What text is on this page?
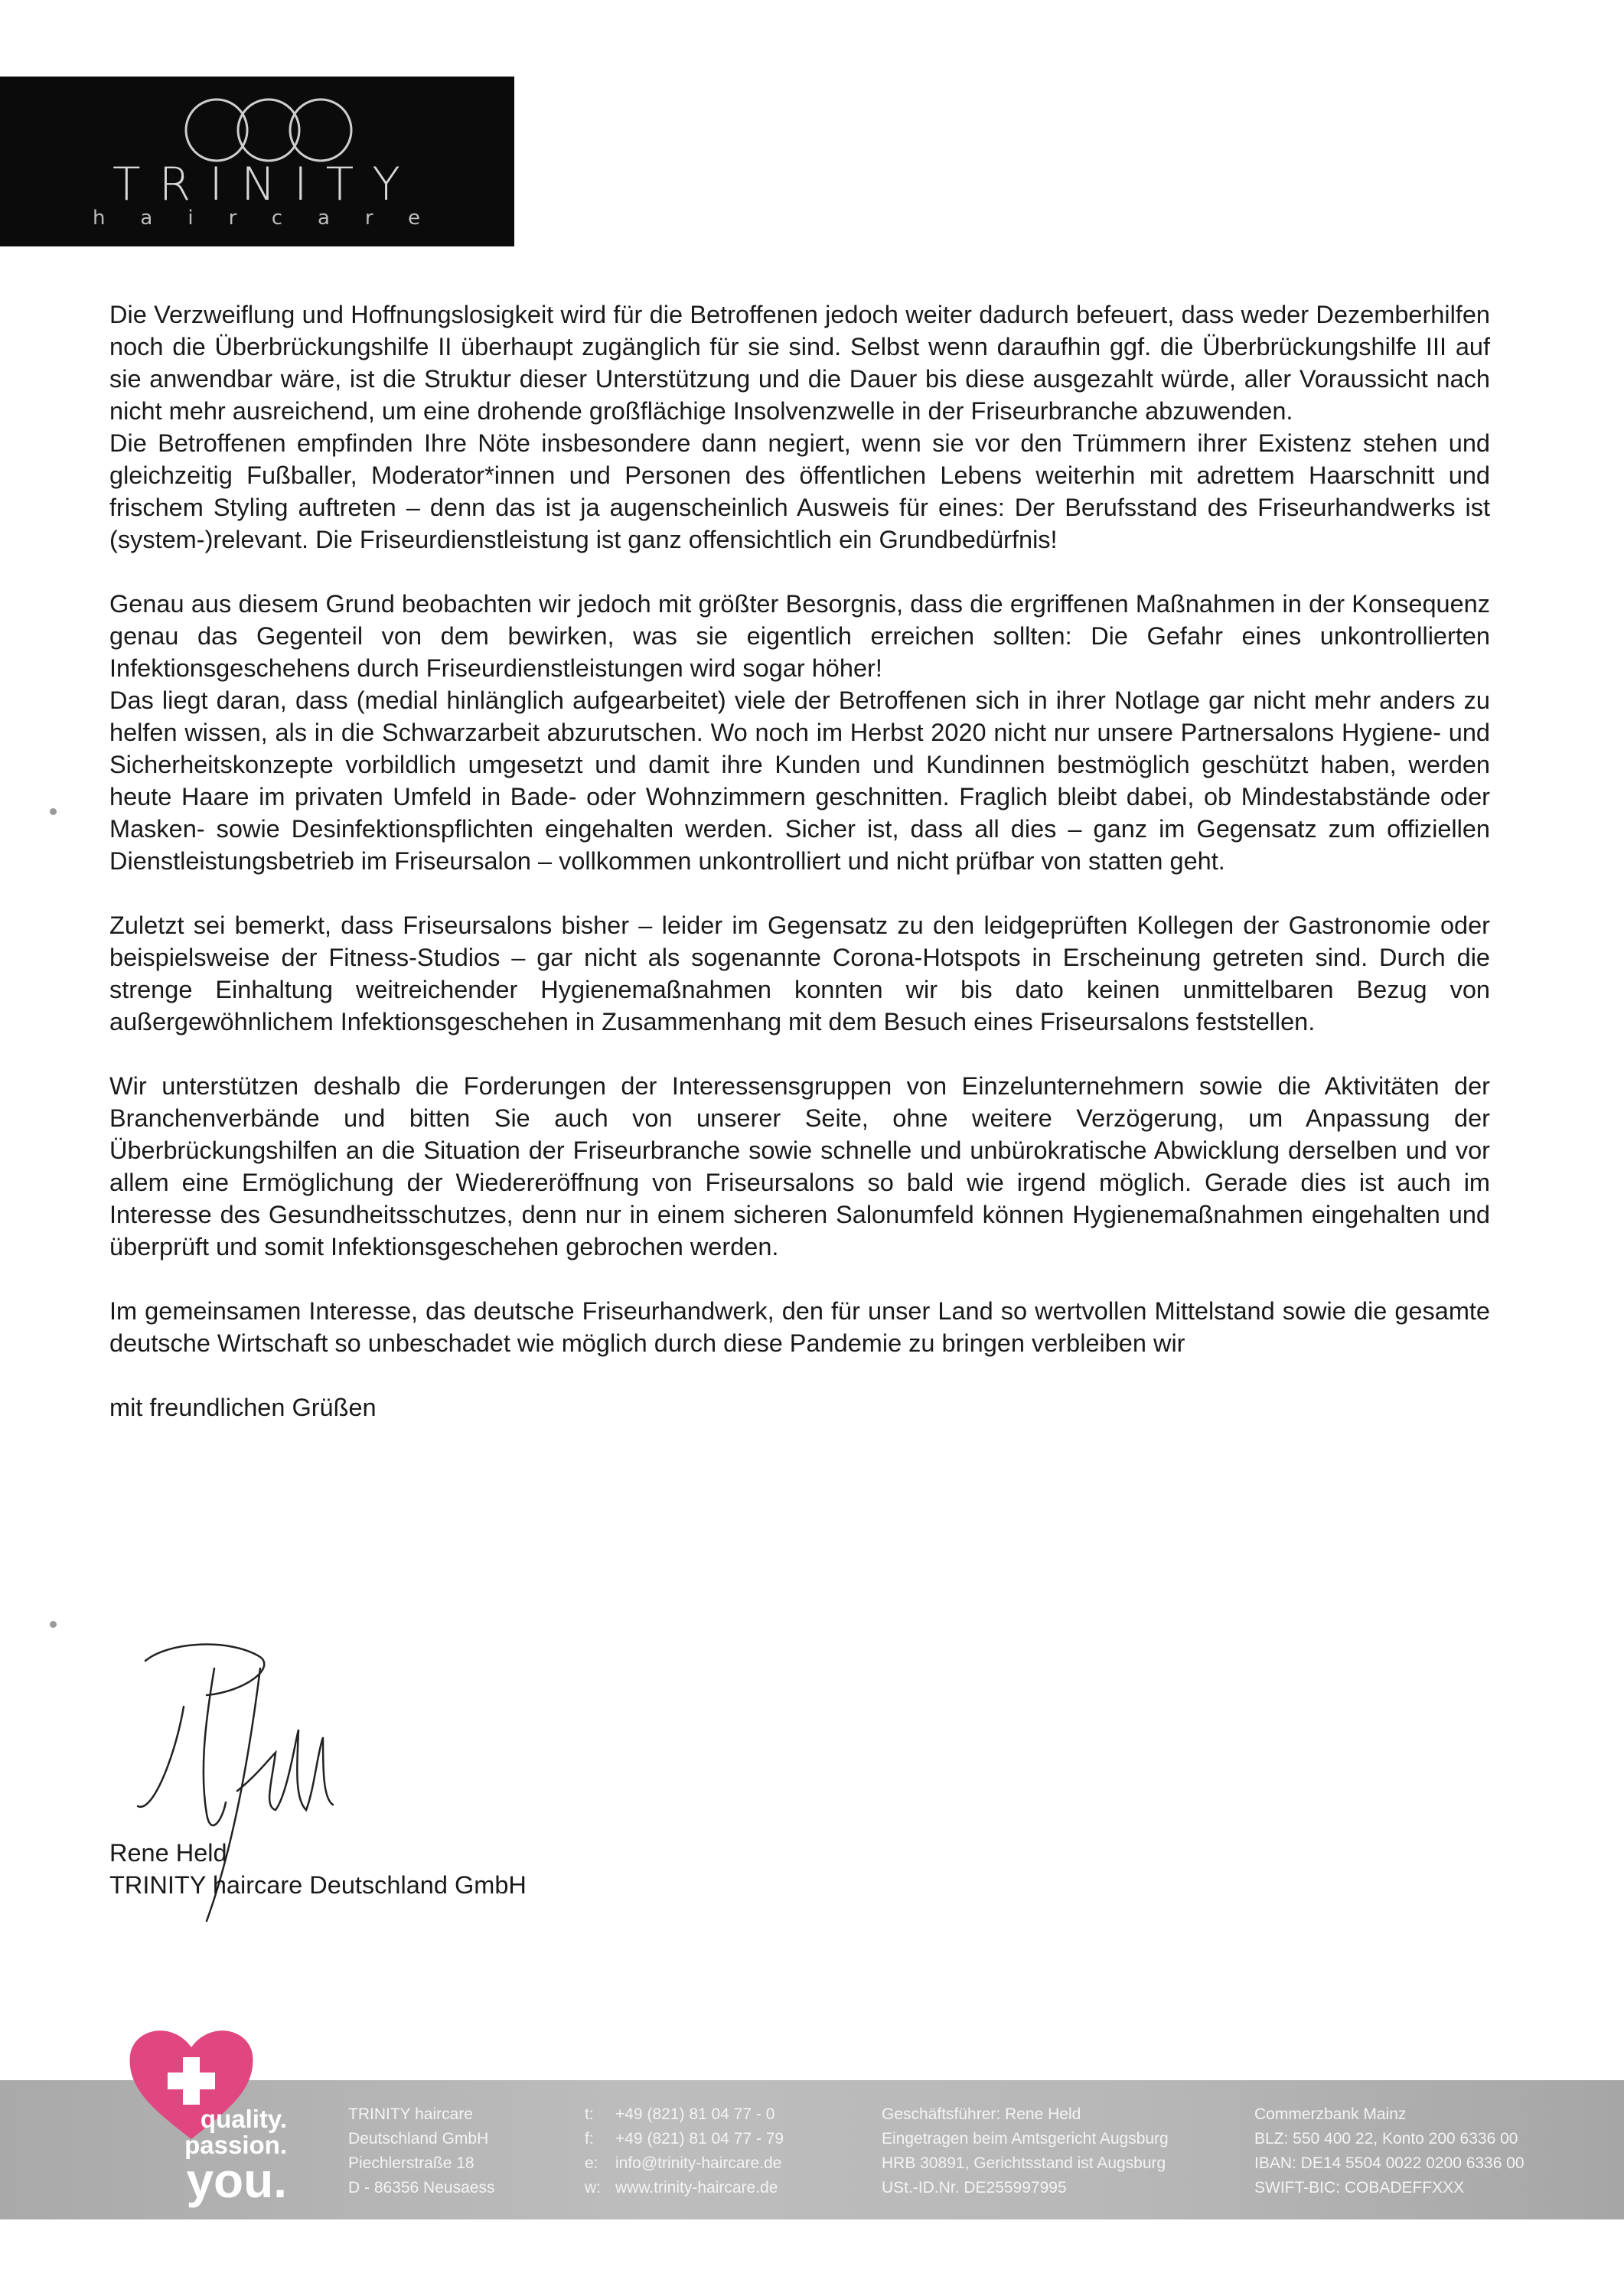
TRINITY
haircare

Die Verzweiflung und Hoffnungslosigkeit wird für die Betroffenen jedoch weiter dadurch befeuert, dass weder Dezemberhilfen noch die Überbrückungshilfe II überhaupt zugänglich für sie sind. Selbst wenn daraufhin ggf. die Überbrückungshilfe III auf sie anwendbar wäre, ist die Struktur dieser Unterstützung und die Dauer bis diese ausgezahlt würde, aller Voraussicht nach nicht mehr ausreichend, um eine drohende großflächige Insolvenzwelle in der Friseurbranche abzuwenden.

Die Betroffenen empfinden Ihre Nöte insbesondere dann negiert, wenn sie vor den Trümmern ihrer Existenz stehen und gleichzeitig Fußballer, Moderator*innen und Personen des öffentlichen Lebens weiterhin mit adrettem Haarschnitt und frischem Styling auftreten – denn das ist ja augenscheinlich Ausweis für eines: Der Berufsstand des Friseurhandwerks ist (system-)relevant. Die Friseurdienstleistung ist ganz offensichtlich ein Grundbedürfnis!

Genau aus diesem Grund beobachten wir jedoch mit größter Besorgnis, dass die ergriffenen Maßnahmen in der Konsequenz genau das Gegenteil von dem bewirken, was sie eigentlich erreichen sollten: Die Gefahr eines unkontrollierten Infektionsgeschehens durch Friseurdienstleistungen wird sogar höher!

Das liegt daran, dass (medial hinlänglich aufgearbeitet) viele der Betroffenen sich in ihrer Notlage gar nicht mehr anders zu helfen wissen, als in die Schwarzarbeit abzurutschen. Wo noch im Herbst 2020 nicht nur unsere Partnersalons Hygiene- und Sicherheitskonzepte vorbildlich umgesetzt und damit ihre Kunden und Kundinnen bestmöglich geschützt haben, werden heute Haare im privaten Umfeld in Bade- oder Wohnzimmern geschnitten. Fraglich bleibt dabei, ob Mindestabstände oder Masken- sowie Desinfektionspflichten eingehalten werden. Sicher ist, dass all dies – ganz im Gegensatz zum offiziellen Dienstleistungsbetrieb im Friseursalon – vollkommen unkontrolliert und nicht prüfbar von statten geht.

Zuletzt sei bemerkt, dass Friseursalons bisher – leider im Gegensatz zu den leidgeprüften Kollegen der Gastronomie oder beispielsweise der Fitness-Studios – gar nicht als sogenannte Corona-Hotspots in Erscheinung getreten sind. Durch die strenge Einhaltung weitreichender Hygienemaßnahmen konnten wir bis dato keinen unmittelbaren Bezug von außergewöhnlichem Infektionsgeschehen in Zusammenhang mit dem Besuch eines Friseursalons feststellen.

Wir unterstützen deshalb die Forderungen der Interessensgruppen von Einzelunternehmern sowie die Aktivitäten der Branchenverbände und bitten Sie auch von unserer Seite, ohne weitere Verzögerung, um Anpassung der Überbrückungshilfen an die Situation der Friseurbranche sowie schnelle und unbürokratische Abwicklung derselben und vor allem eine Ermöglichung der Wiedereröffnung von Friseursalons so bald wie irgend möglich. Gerade dies ist auch im Interesse des Gesundheitsschutzes, denn nur in einem sicheren Salonumfeld können Hygienemaßnahmen eingehalten und überprüft und somit Infektionsgeschehen gebrochen werden.

Im gemeinsamen Interesse, das deutsche Friseurhandwerk, den für unser Land so wertvollen Mittelstand sowie die gesamte deutsche Wirtschaft so unbeschadet wie möglich durch diese Pandemie zu bringen verbleiben wir

mit freundlichen Grüßen

Rene Held
TRINITY haircare Deutschland GmbH
quality.
passion.
you.
TRINITY haircare
Deutschland GmbH
Piechlerstraße 18
D - 86356 Neusaess
t:	+49 (821) 81 04 77 - 0
f:	+49 (821) 81 04 77 - 79
e:	info@trinity-haircare.de
w: www.trinity-haircare.de
Geschäftsführer: Rene Held
Eingetragen beim Amtsgericht Augsburg
HRB 30891, Gerichtsstand ist Augsburg
USt.-ID.Nr. DE255997995
Commerzbank Mainz
BLZ: 550 400 22, Konto 200 6336 00
IBAN: DE14 5504 0022 0200 6336 00
SWIFT-BIC: COBADEFFXXX
